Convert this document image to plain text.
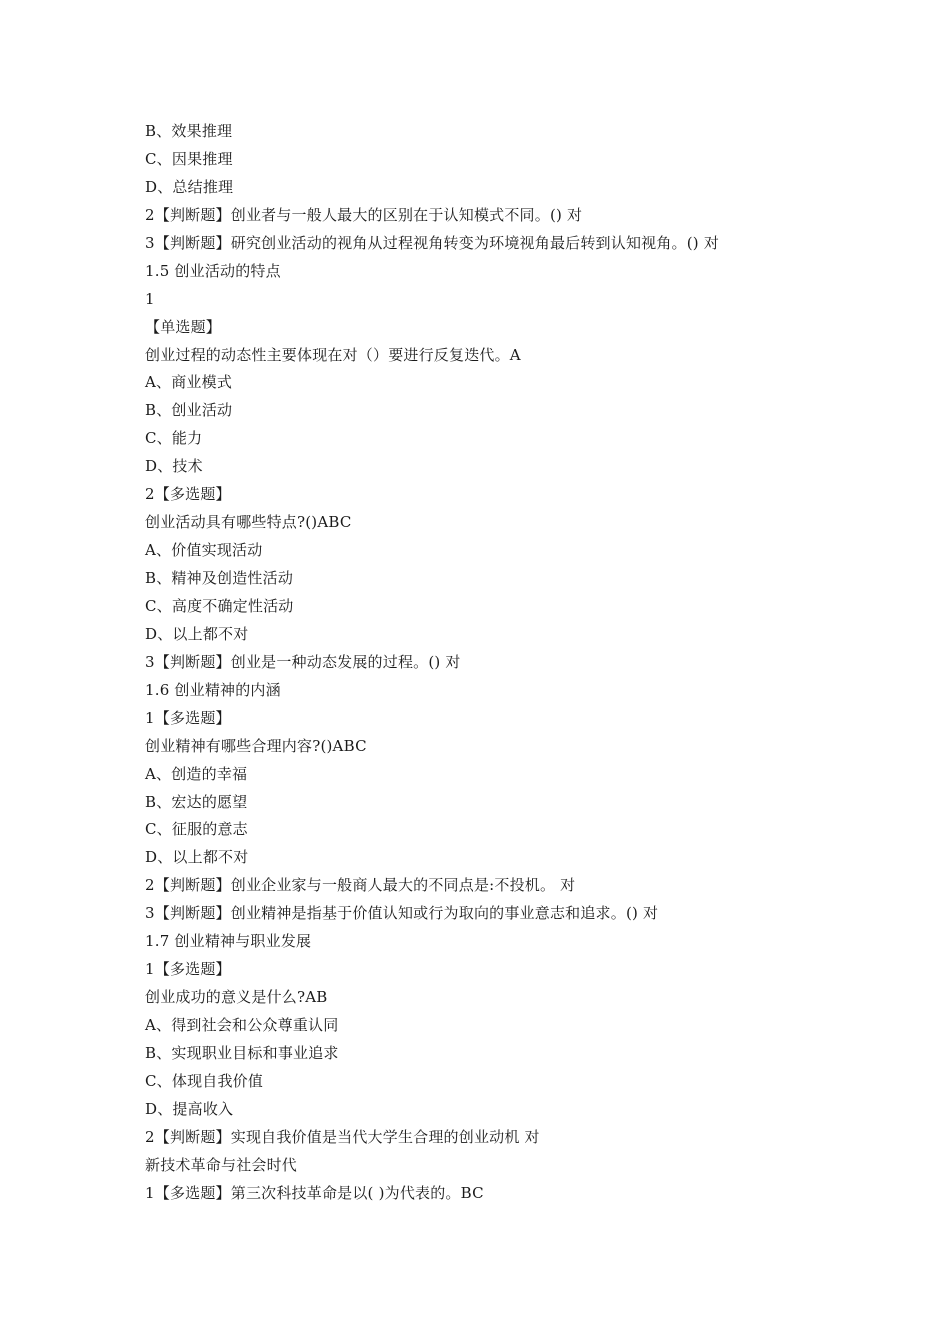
B、效果推理
C、因果推理
D、总结推理
2【判断题】创业者与一般人最大的区别在于认知模式不同。() 对
3【判断题】研究创业活动的视角从过程视角转变为环境视角最后转到认知视角。() 对
1.5 创业活动的特点
1
【单选题】
创业过程的动态性主要体现在对（）要进行反复迭代。A
A、商业模式
B、创业活动
C、能力
D、技术
2【多选题】
创业活动具有哪些特点?()ABC
A、价值实现活动
B、精神及创造性活动
C、高度不确定性活动
D、以上都不对
3【判断题】创业是一种动态发展的过程。() 对
1.6 创业精神的内涵
1【多选题】
创业精神有哪些合理内容?()ABC
A、创造的幸福
B、宏达的愿望
C、征服的意志
D、以上都不对
2【判断题】创业企业家与一般商人最大的不同点是:不投机。 对
3【判断题】创业精神是指基于价值认知或行为取向的事业意志和追求。() 对
1.7 创业精神与职业发展
1【多选题】
创业成功的意义是什么?AB
A、得到社会和公众尊重认同
B、实现职业目标和事业追求
C、体现自我价值
D、提高收入
2【判断题】实现自我价值是当代大学生合理的创业动机 对
新技术革命与社会时代
1【多选题】第三次科技革命是以( )为代表的。BC
